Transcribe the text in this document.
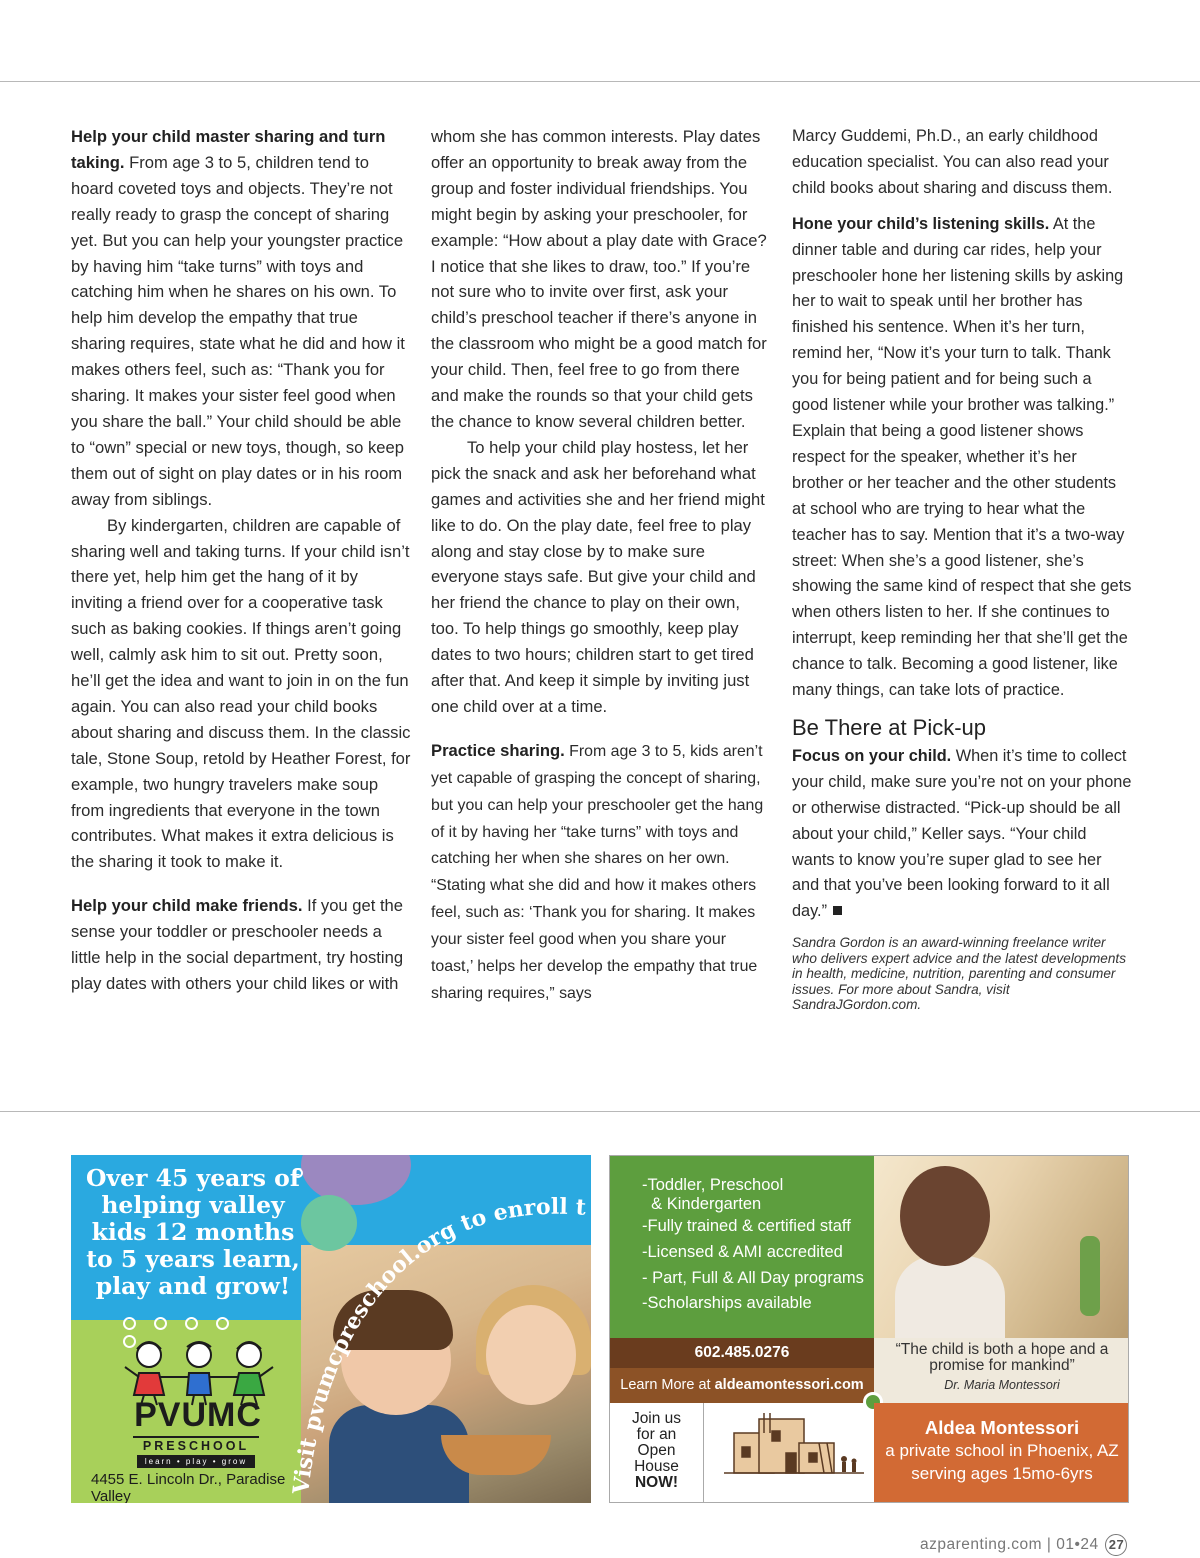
Help your child master sharing and turn taking. From age 3 to 5, children tend to hoard coveted toys and objects. They’re not really ready to grasp the concept of sharing yet. But you can help your youngster practice by having him “take turns” with toys and catching him when he shares on his own. To help him develop the empathy that true sharing requires, state what he did and how it makes others feel, such as: “Thank you for sharing. It makes your sister feel good when you share the ball.” Your child should be able to “own” special or new toys, though, so keep them out of sight on play dates or in his room away from siblings.

By kindergarten, children are capable of sharing well and taking turns. If your child isn’t there yet, help him get the hang of it by inviting a friend over for a cooperative task such as baking cookies. If things aren’t going well, calmly ask him to sit out. Pretty soon, he’ll get the idea and want to join in on the fun again. You can also read your child books about sharing and discuss them. In the classic tale, Stone Soup, retold by Heather Forest, for example, two hungry travelers make soup from ingredients that everyone in the town contributes. What makes it extra delicious is the sharing it took to make it.

Help your child make friends. If you get the sense your toddler or preschooler needs a little help in the social department, try hosting play dates with others your child likes or with

whom she has common interests. Play dates offer an opportunity to break away from the group and foster individual friendships. You might begin by asking your preschooler, for example: “How about a play date with Grace? I notice that she likes to draw, too.” If you’re not sure who to invite over first, ask your child’s preschool teacher if there’s anyone in the classroom who might be a good match for your child. Then, feel free to go from there and make the rounds so that your child gets the chance to know several children better.

To help your child play hostess, let her pick the snack and ask her beforehand what games and activities she and her friend might like to do. On the play date, feel free to play along and stay close by to make sure everyone stays safe. But give your child and her friend the chance to play on their own, too. To help things go smoothly, keep play dates to two hours; children start to get tired after that. And keep it simple by inviting just one child over at a time.

Practice sharing. From age 3 to 5, kids aren’t yet capable of grasping the concept of sharing, but you can help your preschooler get the hang of it by having her “take turns” with toys and catching her when she shares on her own. “Stating what she did and how it makes others feel, such as: ‘Thank you for sharing. It makes your sister feel good when you share your toast,’ helps her develop the empathy that true sharing requires,” says

Marcy Guddemi, Ph.D., an early childhood education specialist. You can also read your child books about sharing and discuss them.

Hone your child’s listening skills. At the dinner table and during car rides, help your preschooler hone her listening skills by asking her to wait to speak until her brother has finished his sentence. When it’s her turn, remind her, “Now it’s your turn to talk. Thank you for being patient and for being such a good listener while your brother was talking.” Explain that being a good listener shows respect for the speaker, whether it’s her brother or her teacher and the other students at school who are trying to hear what the teacher has to say. Mention that it’s a two-way street: When she’s a good listener, she’s showing the same kind of respect that she gets when others listen to her. If she continues to interrupt, keep reminding her that she’ll get the chance to talk. Becoming a good listener, like many things, can take lots of practice.

Be There at Pick-up

Focus on your child. When it’s time to collect your child, make sure you’re not on your phone or otherwise distracted. “Pick-up should be all about your child,” Keller says. “Your child wants to know you’re super glad to see her and that you’ve been looking forward to it all day.”

Sandra Gordon is an award-winning freelance writer who delivers expert advice and the latest developments in health, medicine, nutrition, parenting and consumer issues. For more about Sandra, visit SandraJGordon.com.

Over 45 years of helping valley kids 12 months to 5 years learn, play and grow!
Visit pvumcpreschool.org to enroll today!
PVUMC
PRESCHOOL
learn • play • grow
4455 E. Lincoln Dr., Paradise Valley
-Toddler, Preschool
& Kindergarten
-Fully trained & certified staff
-Licensed & AMI accredited
- Part, Full & All Day programs
-Scholarships available
602.485.0276
Learn More at aldeamontessori.com
“The child is both a hope and a promise for mankind”
Dr. Maria Montessori
Join us
for an
Open
House
NOW!
Aldea Montessori
a private school in Phoenix, AZ
serving ages 15mo-6yrs
azparenting.com | 01•24 27
